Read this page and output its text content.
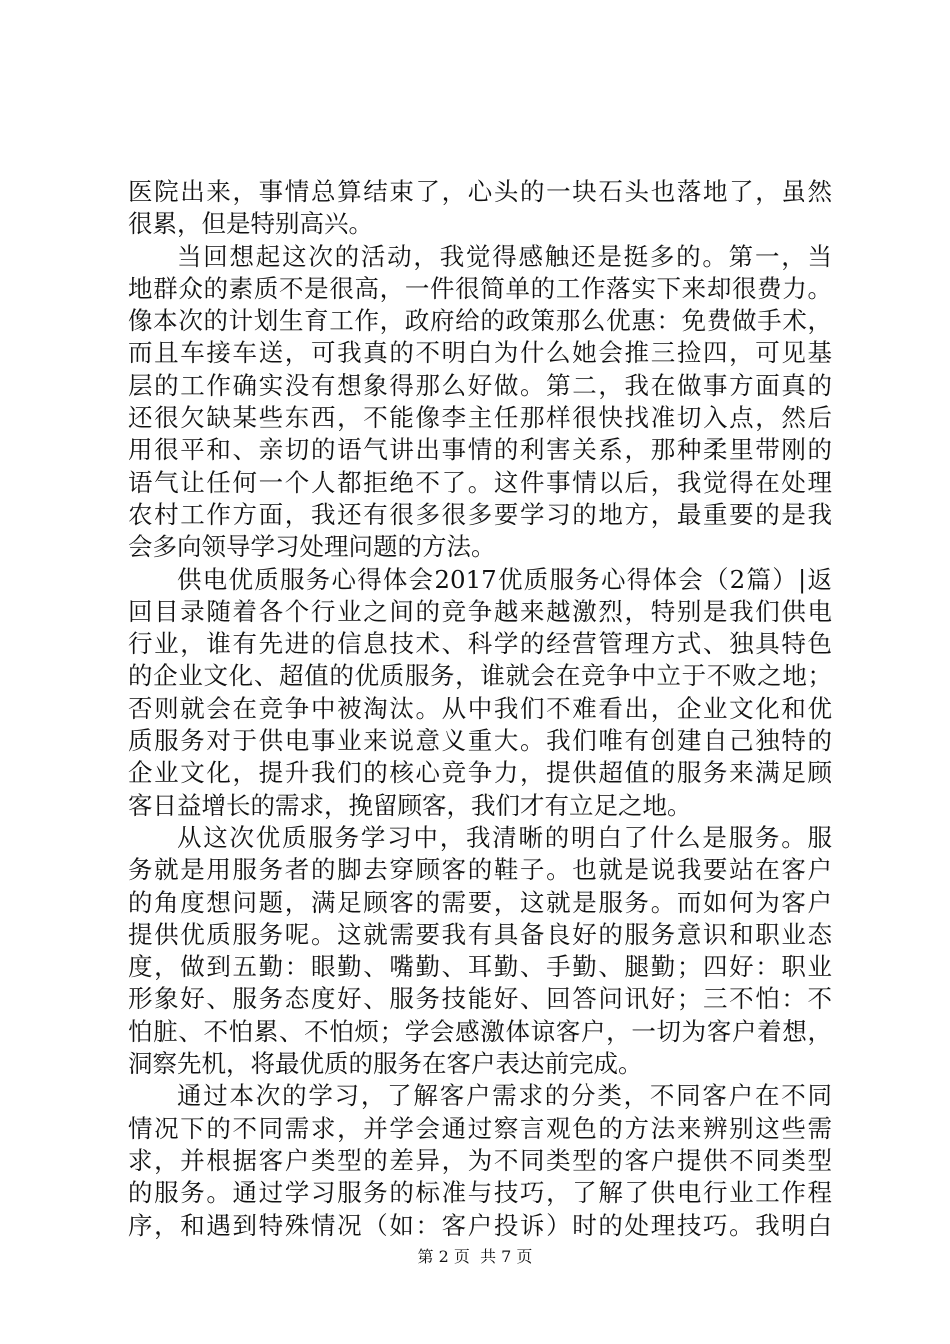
医院出来，事情总算结束了，心头的一块石头也落地了，虽然
很累，但是特别高兴。
当回想起这次的活动，我觉得感触还是挺多的。第一，当
地群众的素质不是很高，一件很简单的工作落实下来却很费力。
像本次的计划生育工作，政府给的政策那么优惠：免费做手术，
而且车接车送，可我真的不明白为什么她会推三捡四，可见基
层的工作确实没有想象得那么好做。第二，我在做事方面真的
还很欠缺某些东西，不能像李主任那样很快找准切入点，然后
用很平和、亲切的语气讲出事情的利害关系，那种柔里带刚的
语气让任何一个人都拒绝不了。这件事情以后，我觉得在处理
农村工作方面，我还有很多很多要学习的地方，最重要的是我
会多向领导学习处理问题的方法。
供电优质服务心得体会2017优质服务心得体会（2篇）|返
回目录随着各个行业之间的竞争越来越激烈，特别是我们供电
行业，谁有先进的信息技术、科学的经营管理方式、独具特色
的企业文化、超值的优质服务，谁就会在竞争中立于不败之地；
否则就会在竞争中被淘汰。从中我们不难看出，企业文化和优
质服务对于供电事业来说意义重大。我们唯有创建自己独特的
企业文化，提升我们的核心竞争力，提供超值的服务来满足顾
客日益增长的需求，挽留顾客，我们才有立足之地。
从这次优质服务学习中，我清晰的明白了什么是服务。服
务就是用服务者的脚去穿顾客的鞋子。也就是说我要站在客户
的角度想问题，满足顾客的需要，这就是服务。而如何为客户
提供优质服务呢。这就需要我有具备良好的服务意识和职业态
度，做到五勤：眼勤、嘴勤、耳勤、手勤、腿勤；四好：职业
形象好、服务态度好、服务技能好、回答问讯好；三不怕：不
怕脏、不怕累、不怕烦；学会感激体谅客户，一切为客户着想，
洞察先机，将最优质的服务在客户表达前完成。
通过本次的学习，了解客户需求的分类，不同客户在不同
情况下的不同需求，并学会通过察言观色的方法来辨别这些需
求，并根据客户类型的差异，为不同类型的客户提供不同类型
的服务。通过学习服务的标准与技巧，了解了供电行业工作程
序，和遇到特殊情况（如：客户投诉）时的处理技巧。我明白
第 2 页  共 7 页
